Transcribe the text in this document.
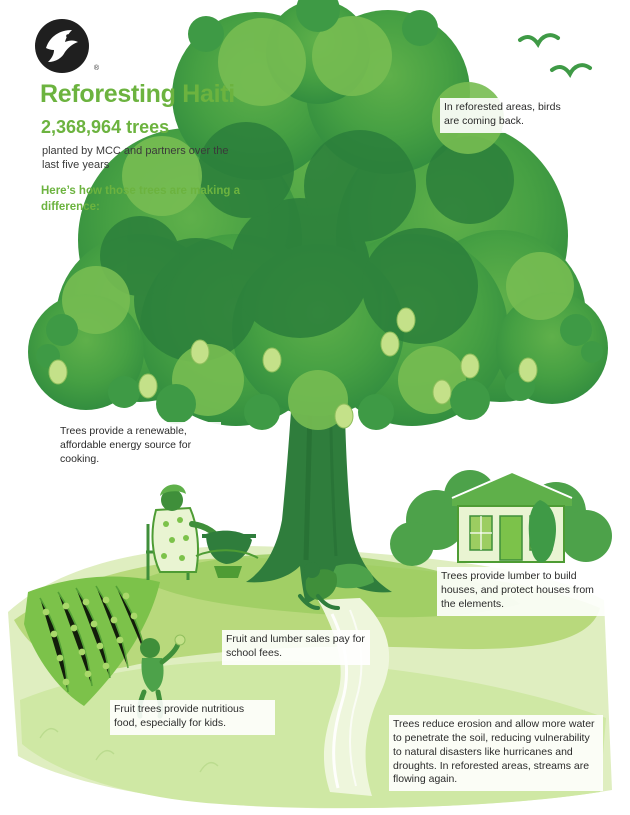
®
Reforesting Haiti
2,368,964 trees
planted by MCC and partners over the last five years
Here’s how those trees are making a difference:
In reforested areas, birds are coming back.
Trees provide a renewable, affordable energy source for cooking.
Trees provide lumber to build houses, and protect houses from the elements.
Fruit and lumber sales pay for school fees.
Fruit trees provide nutritious food, especially for kids.	Trees reduce erosion and allow more water to penetrate the soil, reducing vulnerability to natural disasters like hurricanes and droughts. In reforested areas, streams are flowing again.
